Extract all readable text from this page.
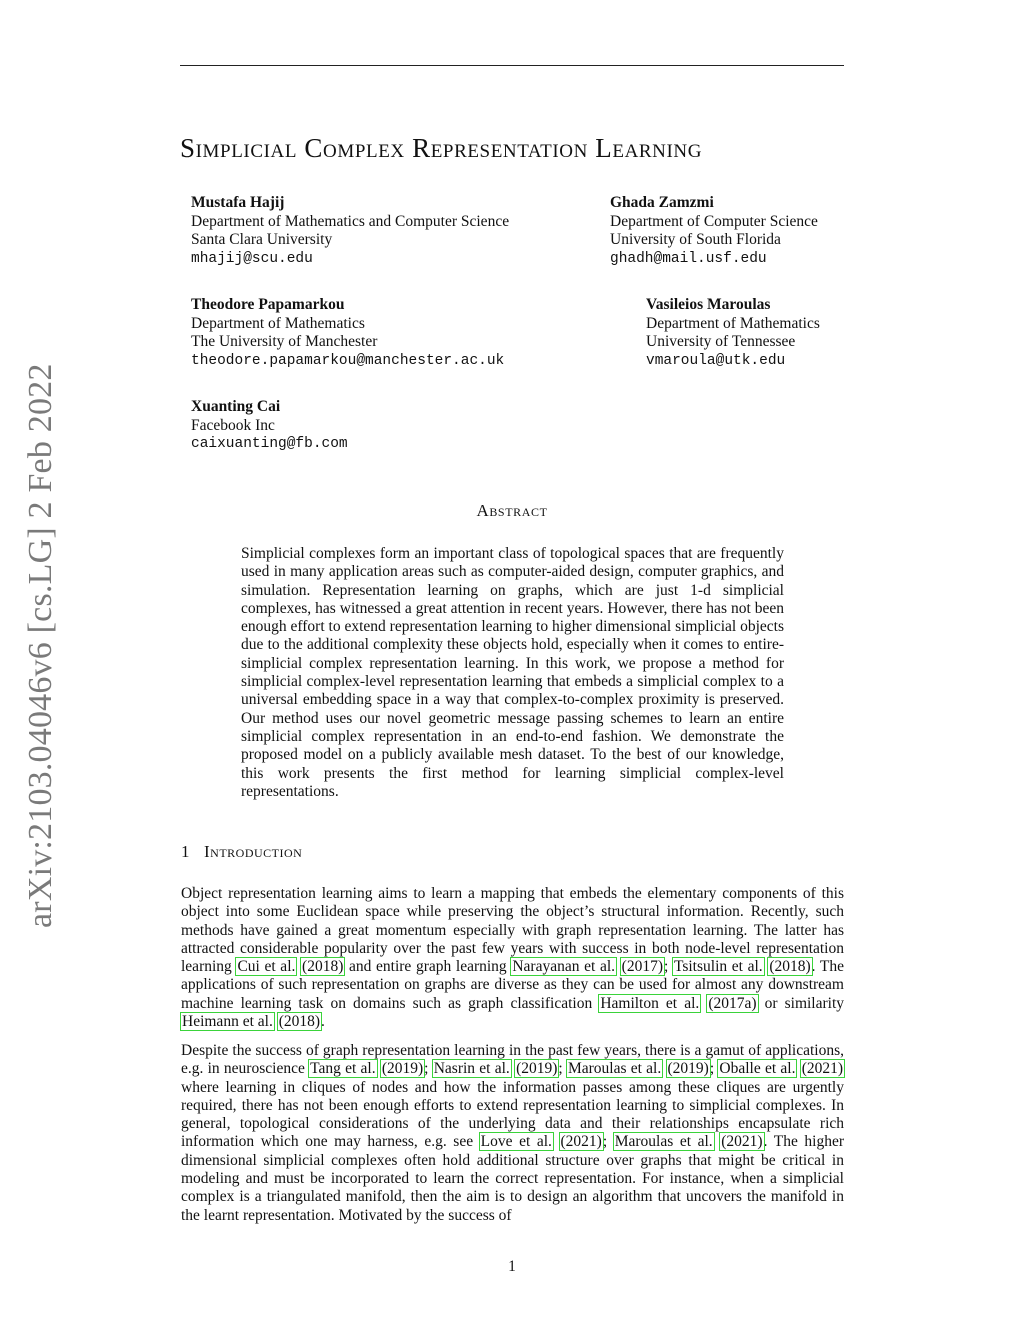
arXiv:2103.04046v6 [cs.LG] 2 Feb 2022
Simplicial Complex Representation Learning
Mustafa Hajij
Department of Mathematics and Computer Science
Santa Clara University
mhajij@scu.edu
Ghada Zamzmi
Department of Computer Science
University of South Florida
ghadh@mail.usf.edu
Theodore Papamarkou
Department of Mathematics
The University of Manchester
theodore.papamarkou@manchester.ac.uk
Vasileios Maroulas
Department of Mathematics
University of Tennessee
vmaroula@utk.edu
Xuanting Cai
Facebook Inc
caixuanting@fb.com
Abstract
Simplicial complexes form an important class of topological spaces that are frequently used in many application areas such as computer-aided design, computer graphics, and simulation. Representation learning on graphs, which are just 1-d simplicial complexes, has witnessed a great attention in recent years. However, there has not been enough effort to extend representation learning to higher dimensional simplicial objects due to the additional complexity these objects hold, especially when it comes to entire-simplicial complex representation learning. In this work, we propose a method for simplicial complex-level representation learning that embeds a simplicial complex to a universal embedding space in a way that complex-to-complex proximity is preserved. Our method uses our novel geometric message passing schemes to learn an entire simplicial complex representation in an end-to-end fashion. We demonstrate the proposed model on a publicly available mesh dataset. To the best of our knowledge, this work presents the first method for learning simplicial complex-level representations.
1 Introduction
Object representation learning aims to learn a mapping that embeds the elementary components of this object into some Euclidean space while preserving the object’s structural information. Recently, such methods have gained a great momentum especially with graph representation learning. The latter has attracted considerable popularity over the past few years with success in both node-level representation learning Cui et al. (2018) and entire graph learning Narayanan et al. (2017); Tsitsulin et al. (2018). The applications of such representation on graphs are diverse as they can be used for almost any downstream machine learning task on domains such as graph classification Hamilton et al. (2017a) or similarity Heimann et al. (2018).
Despite the success of graph representation learning in the past few years, there is a gamut of applications, e.g. in neuroscience Tang et al. (2019); Nasrin et al. (2019); Maroulas et al. (2019); Oballe et al. (2021) where learning in cliques of nodes and how the information passes among these cliques are urgently required, there has not been enough efforts to extend representation learning to simplicial complexes. In general, topological considerations of the underlying data and their relationships encapsulate rich information which one may harness, e.g. see Love et al. (2021); Maroulas et al. (2021). The higher dimensional simplicial complexes often hold additional structure over graphs that might be critical in modeling and must be incorporated to learn the correct representation. For instance, when a simplicial complex is a triangulated manifold, then the aim is to design an algorithm that uncovers the manifold in the learnt representation. Motivated by the success of
1
